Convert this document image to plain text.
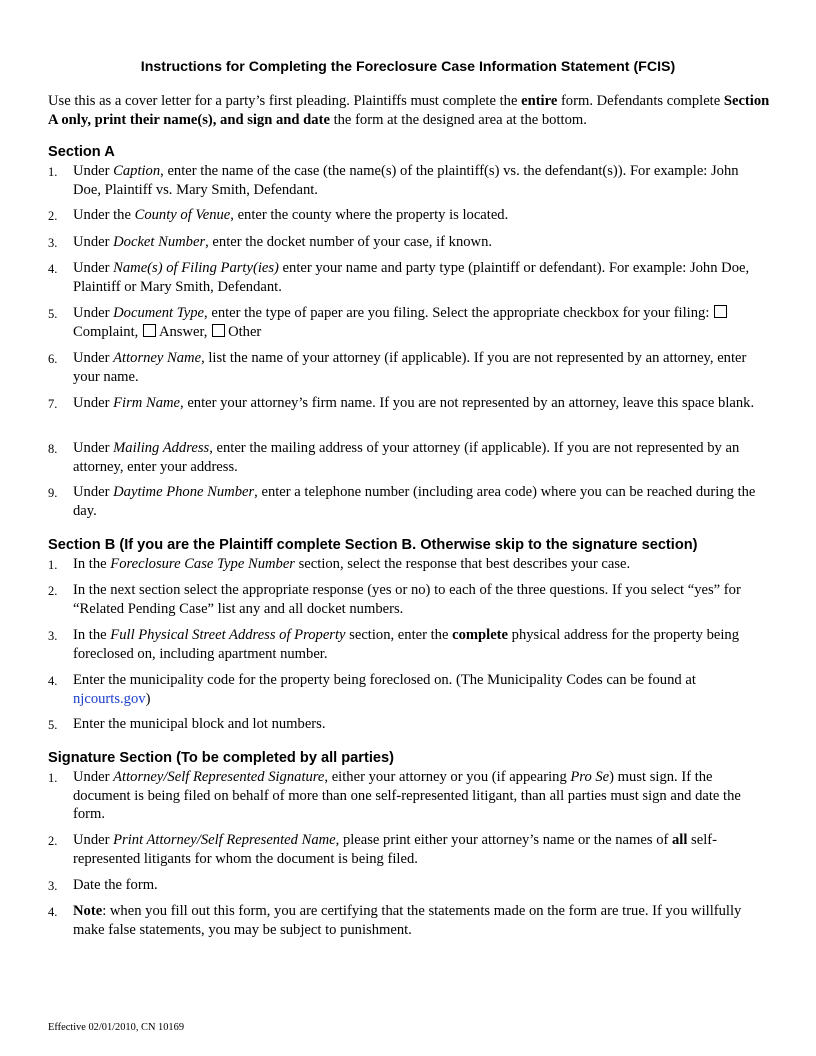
Instructions for Completing the Foreclosure Case Information Statement (FCIS)
Use this as a cover letter for a party’s first pleading. Plaintiffs must complete the entire form. Defendants complete Section A only, print their name(s), and sign and date the form at the designed area at the bottom.
Section A
1. Under Caption, enter the name of the case (the name(s) of the plaintiff(s) vs. the defendant(s)). For example: John Doe, Plaintiff vs. Mary Smith, Defendant.
2. Under the County of Venue, enter the county where the property is located.
3. Under Docket Number, enter the docket number of your case, if known.
4. Under Name(s) of Filing Party(ies) enter your name and party type (plaintiff or defendant). For example: John Doe, Plaintiff or Mary Smith, Defendant.
5. Under Document Type, enter the type of paper are you filing. Select the appropriate checkbox for your filing: Complaint, Answer, Other
6. Under Attorney Name, list the name of your attorney (if applicable). If you are not represented by an attorney, enter your name.
7. Under Firm Name, enter your attorney’s firm name. If you are not represented by an attorney, leave this space blank.
8. Under Mailing Address, enter the mailing address of your attorney (if applicable). If you are not represented by an attorney, enter your address.
9. Under Daytime Phone Number, enter a telephone number (including area code) where you can be reached during the day.
Section B (If you are the Plaintiff complete Section B. Otherwise skip to the signature section)
1. In the Foreclosure Case Type Number section, select the response that best describes your case.
2. In the next section select the appropriate response (yes or no) to each of the three questions. If you select “yes” for “Related Pending Case” list any and all docket numbers.
3. In the Full Physical Street Address of Property section, enter the complete physical address for the property being foreclosed on, including apartment number.
4. Enter the municipality code for the property being foreclosed on. (The Municipality Codes can be found at njcourts.gov)
5. Enter the municipal block and lot numbers.
Signature Section (To be completed by all parties)
1. Under Attorney/Self Represented Signature, either your attorney or you (if appearing Pro Se) must sign. If the document is being filed on behalf of more than one self-represented litigant, than all parties must sign and date the form.
2. Under Print Attorney/Self Represented Name, please print either your attorney’s name or the names of all self-represented litigants for whom the document is being filed.
3. Date the form.
4. Note: when you fill out this form, you are certifying that the statements made on the form are true. If you willfully make false statements, you may be subject to punishment.
Effective 02/01/2010, CN 10169
